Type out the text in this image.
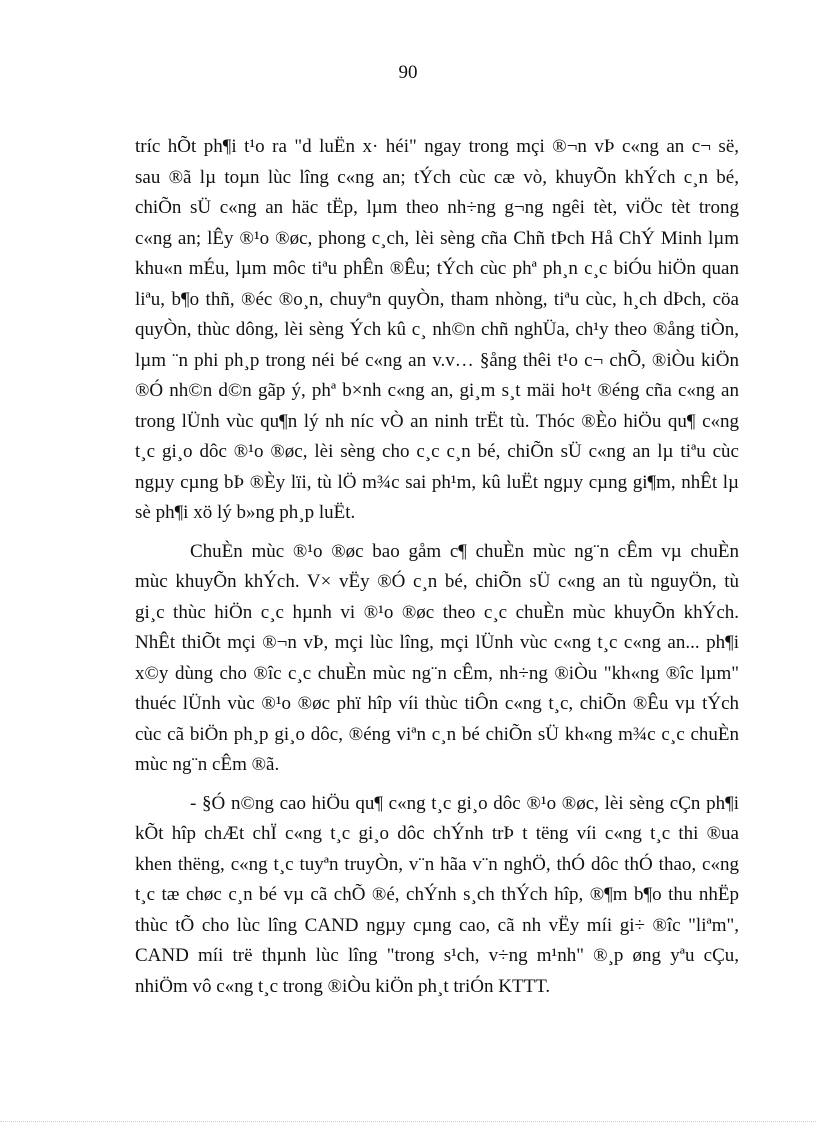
90
tríc hÕt ph¶i t¹o ra "d luËn x· héi" ngay trong mçi ®¬n vÞ c«ng an c¬ së,
sau ®ã lµ toµn lùc lîng c«ng an; tÝch cùc cæ vò, khuyÕn khÝch c¸n bé,
chiÕn sÜ c«ng an häc tËp, lµm theo nh÷ng g¬ng ngêi tèt, viÖc tèt trong
c«ng an; lÊy ®¹o ®øc, phong c¸ch, lèi sèng cña Chñ tÞch Hå ChÝ Minh lµm
khu«n mÉu, lµm môc tiªu phÊn ®Êu; tÝch cùc phª ph¸n c¸c biÓu hiÖn quan
liªu, b¶o thñ, ®éc ®o¸n, chuyªn quyÒn, tham nhòng, tiªu cùc, h¸ch dÞch, cöa
quyÒn, thùc dông, lèi sèng Ých kû c¸ nh©n chñ nghÜa, ch¹y theo ®ång tiÒn,
lµm ¨n phi ph¸p trong néi bé c«ng an v.v… §ång thêi t¹o c¬ chÕ, ®iÒu kiÖn
®Ó nh©n d©n gãp ý, phª b×nh c«ng an, gi¸m s¸t mäi ho¹t ®éng cña c«ng an
trong lÜnh vùc qu¶n lý nh níc vÒ an ninh trËt tù. Thóc ®Èo hiÖu qu¶ c«ng
t¸c gi¸o dôc ®¹o ®øc, lèi sèng cho c¸c c¸n bé, chiÕn sÜ c«ng an lµ tiªu cùc
ngµy cµng bÞ ®Èy lïi, tù lÖ m¾c sai ph¹m, kû luËt ngµy cµng gi¶m, nhÊt lµ
sè ph¶i xö lý b»ng ph¸p luËt.
ChuÈn mùc ®¹o ®øc bao gåm c¶ chuÈn mùc ng¨n cÊm vµ chuÈn
mùc khuyÕn khÝch. V× vËy ®Ó c¸n bé, chiÕn sÜ c«ng an tù nguyÖn, tù
gi¸c thùc hiÖn c¸c hµnh vi ®¹o ®øc theo c¸c chuÈn mùc khuyÕn khÝch.
NhÊt thiÕt mçi ®¬n vÞ, mçi lùc lîng, mçi lÜnh vùc c«ng t¸c c«ng an... ph¶i
x©y dùng cho ®îc c¸c chuÈn mùc ng¨n cÊm, nh÷ng ®iÒu "kh«ng ®îc lµm"
thuéc lÜnh vùc ®¹o ®øc phï hîp víi thùc tiÔn c«ng t¸c, chiÕn ®Êu vµ tÝch
cùc cã biÖn ph¸p gi¸o dôc, ®éng viªn c¸n bé chiÕn sÜ kh«ng m¾c c¸c chuÈn
mùc ng¨n cÊm ®ã.
- §Ó n©ng cao hiÖu qu¶ c«ng t¸c gi¸o dôc ®¹o ®øc, lèi sèng cÇn ph¶i
kÕt hîp chÆt chÏ c«ng t¸c gi¸o dôc chÝnh trÞ t tëng víi c«ng t¸c thi ®ua
khen thëng, c«ng t¸c tuyªn truyÒn, v¨n hãa v¨n nghÖ, thÓ dôc thÓ thao, c«ng
t¸c tæ chøc c¸n bé vµ cã chÕ ®é, chÝnh s¸ch thÝch hîp, ®¶m b¶o thu nhËp
thùc tÕ cho lùc lîng CAND ngµy cµng cao, cã nh vËy míi gi÷ ®îc "liªm",
CAND míi trë thµnh lùc lîng "trong s¹ch, v÷ng m¹nh" ®¸p øng yªu cÇu,
nhiÖm vô c«ng t¸c trong ®iÒu kiÖn ph¸t triÓn KTTT.
